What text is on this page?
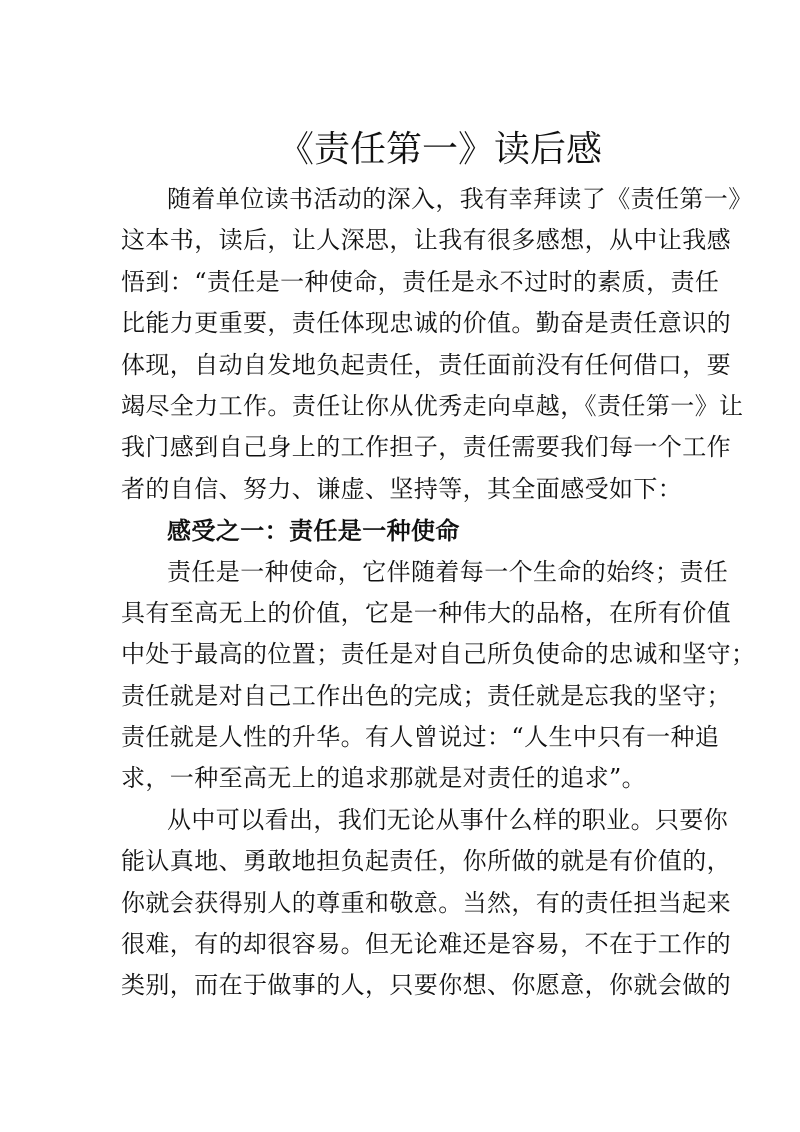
《责任第一》读后感
随着单位读书活动的深入，我有幸拜读了《责任第一》
这本书，读后，让人深思，让我有很多感想，从中让我感
悟到：“责任是一种使命，责任是永不过时的素质，责任
比能力更重要，责任体现忠诚的价值。勤奋是责任意识的
体现，自动自发地负起责任，责任面前没有任何借口，要
竭尽全力工作。责任让你从优秀走向卓越，《责任第一》让
我门感到自己身上的工作担子，责任需要我们每一个工作
者的自信、努力、谦虚、坚持等，其全面感受如下：
感受之一：责任是一种使命
责任是一种使命，它伴随着每一个生命的始终；责任
具有至高无上的价值，它是一种伟大的品格，在所有价值
中处于最高的位置；责任是对自己所负使命的忠诚和坚守；
责任就是对自己工作出色的完成；责任就是忘我的坚守；
责任就是人性的升华。有人曾说过：“人生中只有一种追
求，一种至高无上的追求那就是对责任的追求”。
从中可以看出，我们无论从事什么样的职业。只要你
能认真地、勇敢地担负起责任，你所做的就是有价值的，
你就会获得别人的尊重和敬意。当然，有的责任担当起来
很难，有的却很容易。但无论难还是容易，不在于工作的
类别，而在于做事的人，只要你想、你愿意，你就会做的
